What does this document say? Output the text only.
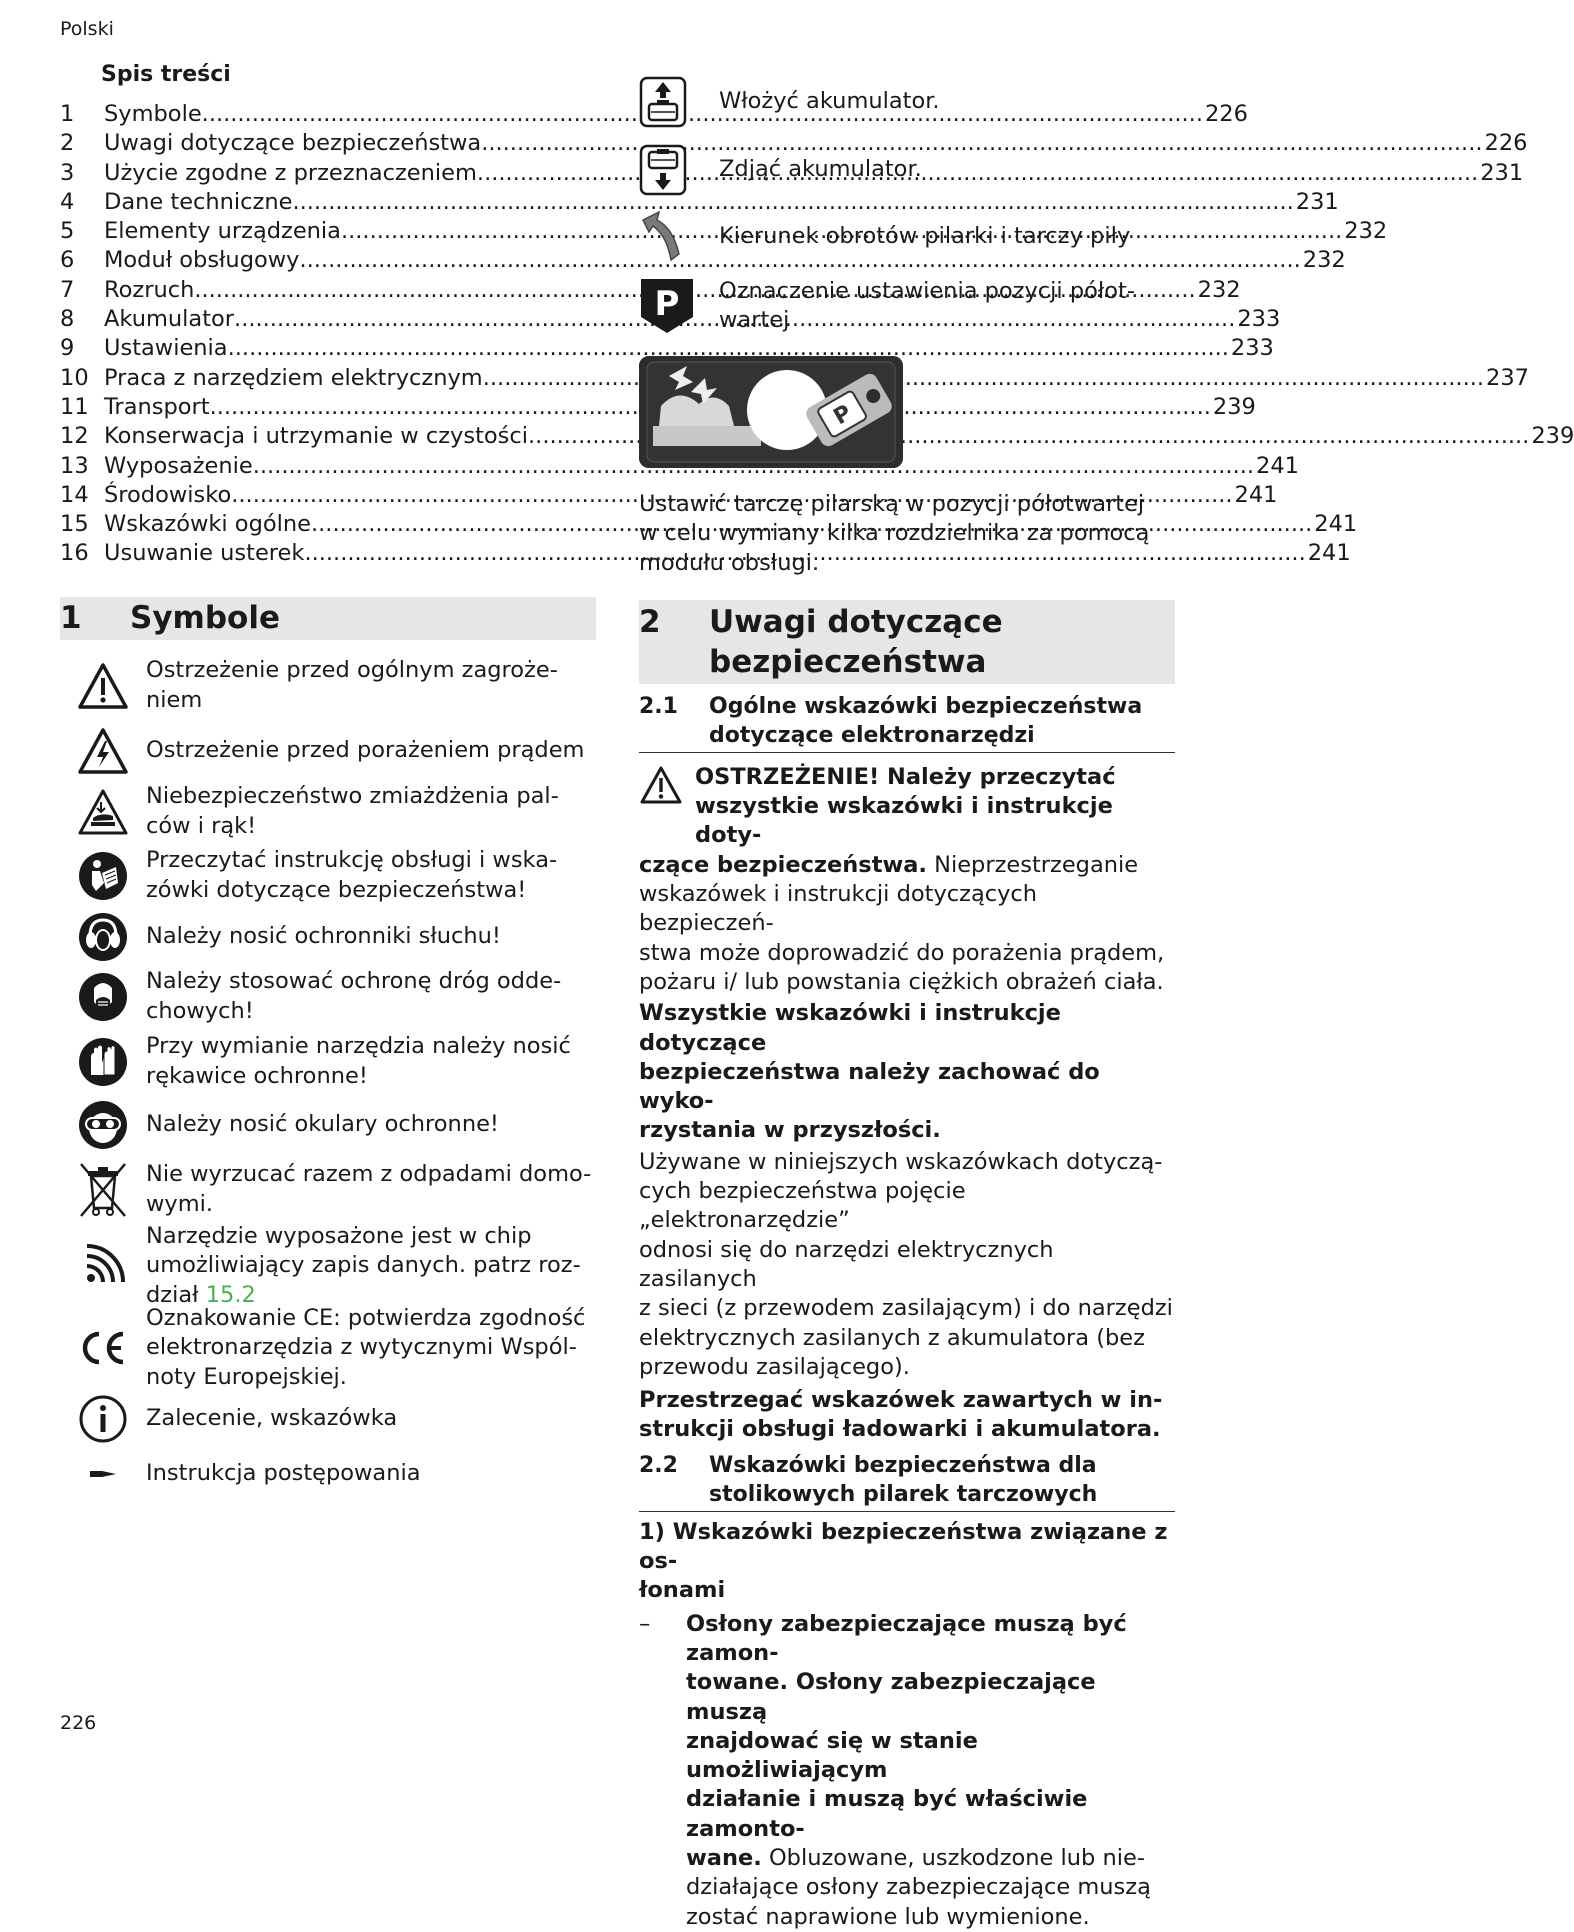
Polski
Spis treści
1	Symbole .....	226
2	Uwagi dotyczące bezpieczeństwa .....	226
3	Użycie zgodne z przeznaczeniem .....	231
4	Dane techniczne .....	231
5	Elementy urządzenia .....	232
6	Moduł obsługowy .....	232
7	Rozruch .....	232
8	Akumulator .....	233
9	Ustawienia .....	233
10 Praca z narzędziem elektrycznym .....	237
11 Transport .....	239
12 Konserwacja i utrzymanie w czystości .....	239
13 Wyposażenie .....	241
14 Środowisko .....	241
15 Wskazówki ogólne .....	241
16 Usuwanie usterek .....	241
1	Symbole
Ostrzeżenie przed ogólnym zagroże-
niem
Ostrzeżenie przed porażeniem prądem
Niebezpieczeństwo zmiażdżenia pal-
ców i rąk!
Przeczytać instrukcję obsługi i wska-
zówki dotyczące bezpieczeństwa!
Należy nosić ochronniki słuchu!
Należy stosować ochronę dróg odde-
chowych!
Przy wymianie narzędzia należy nosić
rękawice ochronne!
Należy nosić okulary ochronne!
Nie wyrzucać razem z odpadami domo-
wymi.
Narzędzie wyposażone jest w chip
umożliwiający zapis danych. patrz roz-
dział 15.2
Oznakowanie CE: potwierdza zgodność
elektronarzędzia z wytycznymi Wspól-
noty Europejskiej.
Zalecenie, wskazówka
Instrukcja postępowania
Włożyć akumulator.
Zdjąć akumulator.
Kierunek obrotów pilarki i tarczy piły
P Oznaczenie ustawienia pozycji półot-
wartej
P
Ustawić tarczę pilarską w pozycji półotwartej
w celu wymiany kilka rozdzielnika za pomocą
modułu obsługi.
2	Uwagi dotyczące
bezpieczeństwa
2.1	Ogólne wskazówki bezpieczeństwa
dotyczące elektronarzędzi
OSTRZEŻENIE! Należy przeczytać
wszystkie wskazówki i instrukcje doty-
czące bezpieczeństwa. Nieprzestrzeganie
wskazówek i instrukcji dotyczących bezpieczeń-
stwa może doprowadzić do porażenia prądem,
pożaru i/ lub powstania ciężkich obrażeń ciała.
Wszystkie wskazówki i instrukcje dotyczące
bezpieczeństwa należy zachować do wyko-
rzystania w przyszłości.
Używane w niniejszych wskazówkach dotyczą-
cych bezpieczeństwa pojęcie „elektronarzędzie”
odnosi się do narzędzi elektrycznych zasilanych
z sieci (z przewodem zasilającym) i do narzędzi
elektrycznych zasilanych z akumulatora (bez
przewodu zasilającego).
Przestrzegać wskazówek zawartych w in-
strukcji obsługi ładowarki i akumulatora.
2.2	Wskazówki bezpieczeństwa dla
stolikowych pilarek tarczowych
1) Wskazówki bezpieczeństwa związane z os-
łonami
–	Osłony zabezpieczające muszą być zamon-
towane. Osłony zabezpieczające muszą
znajdować się w stanie umożliwiającym
działanie i muszą być właściwie zamonto-
wane. Obluzowane, uszkodzone lub nie-
działające osłony zabezpieczające muszą
zostać naprawione lub wymienione.
226
